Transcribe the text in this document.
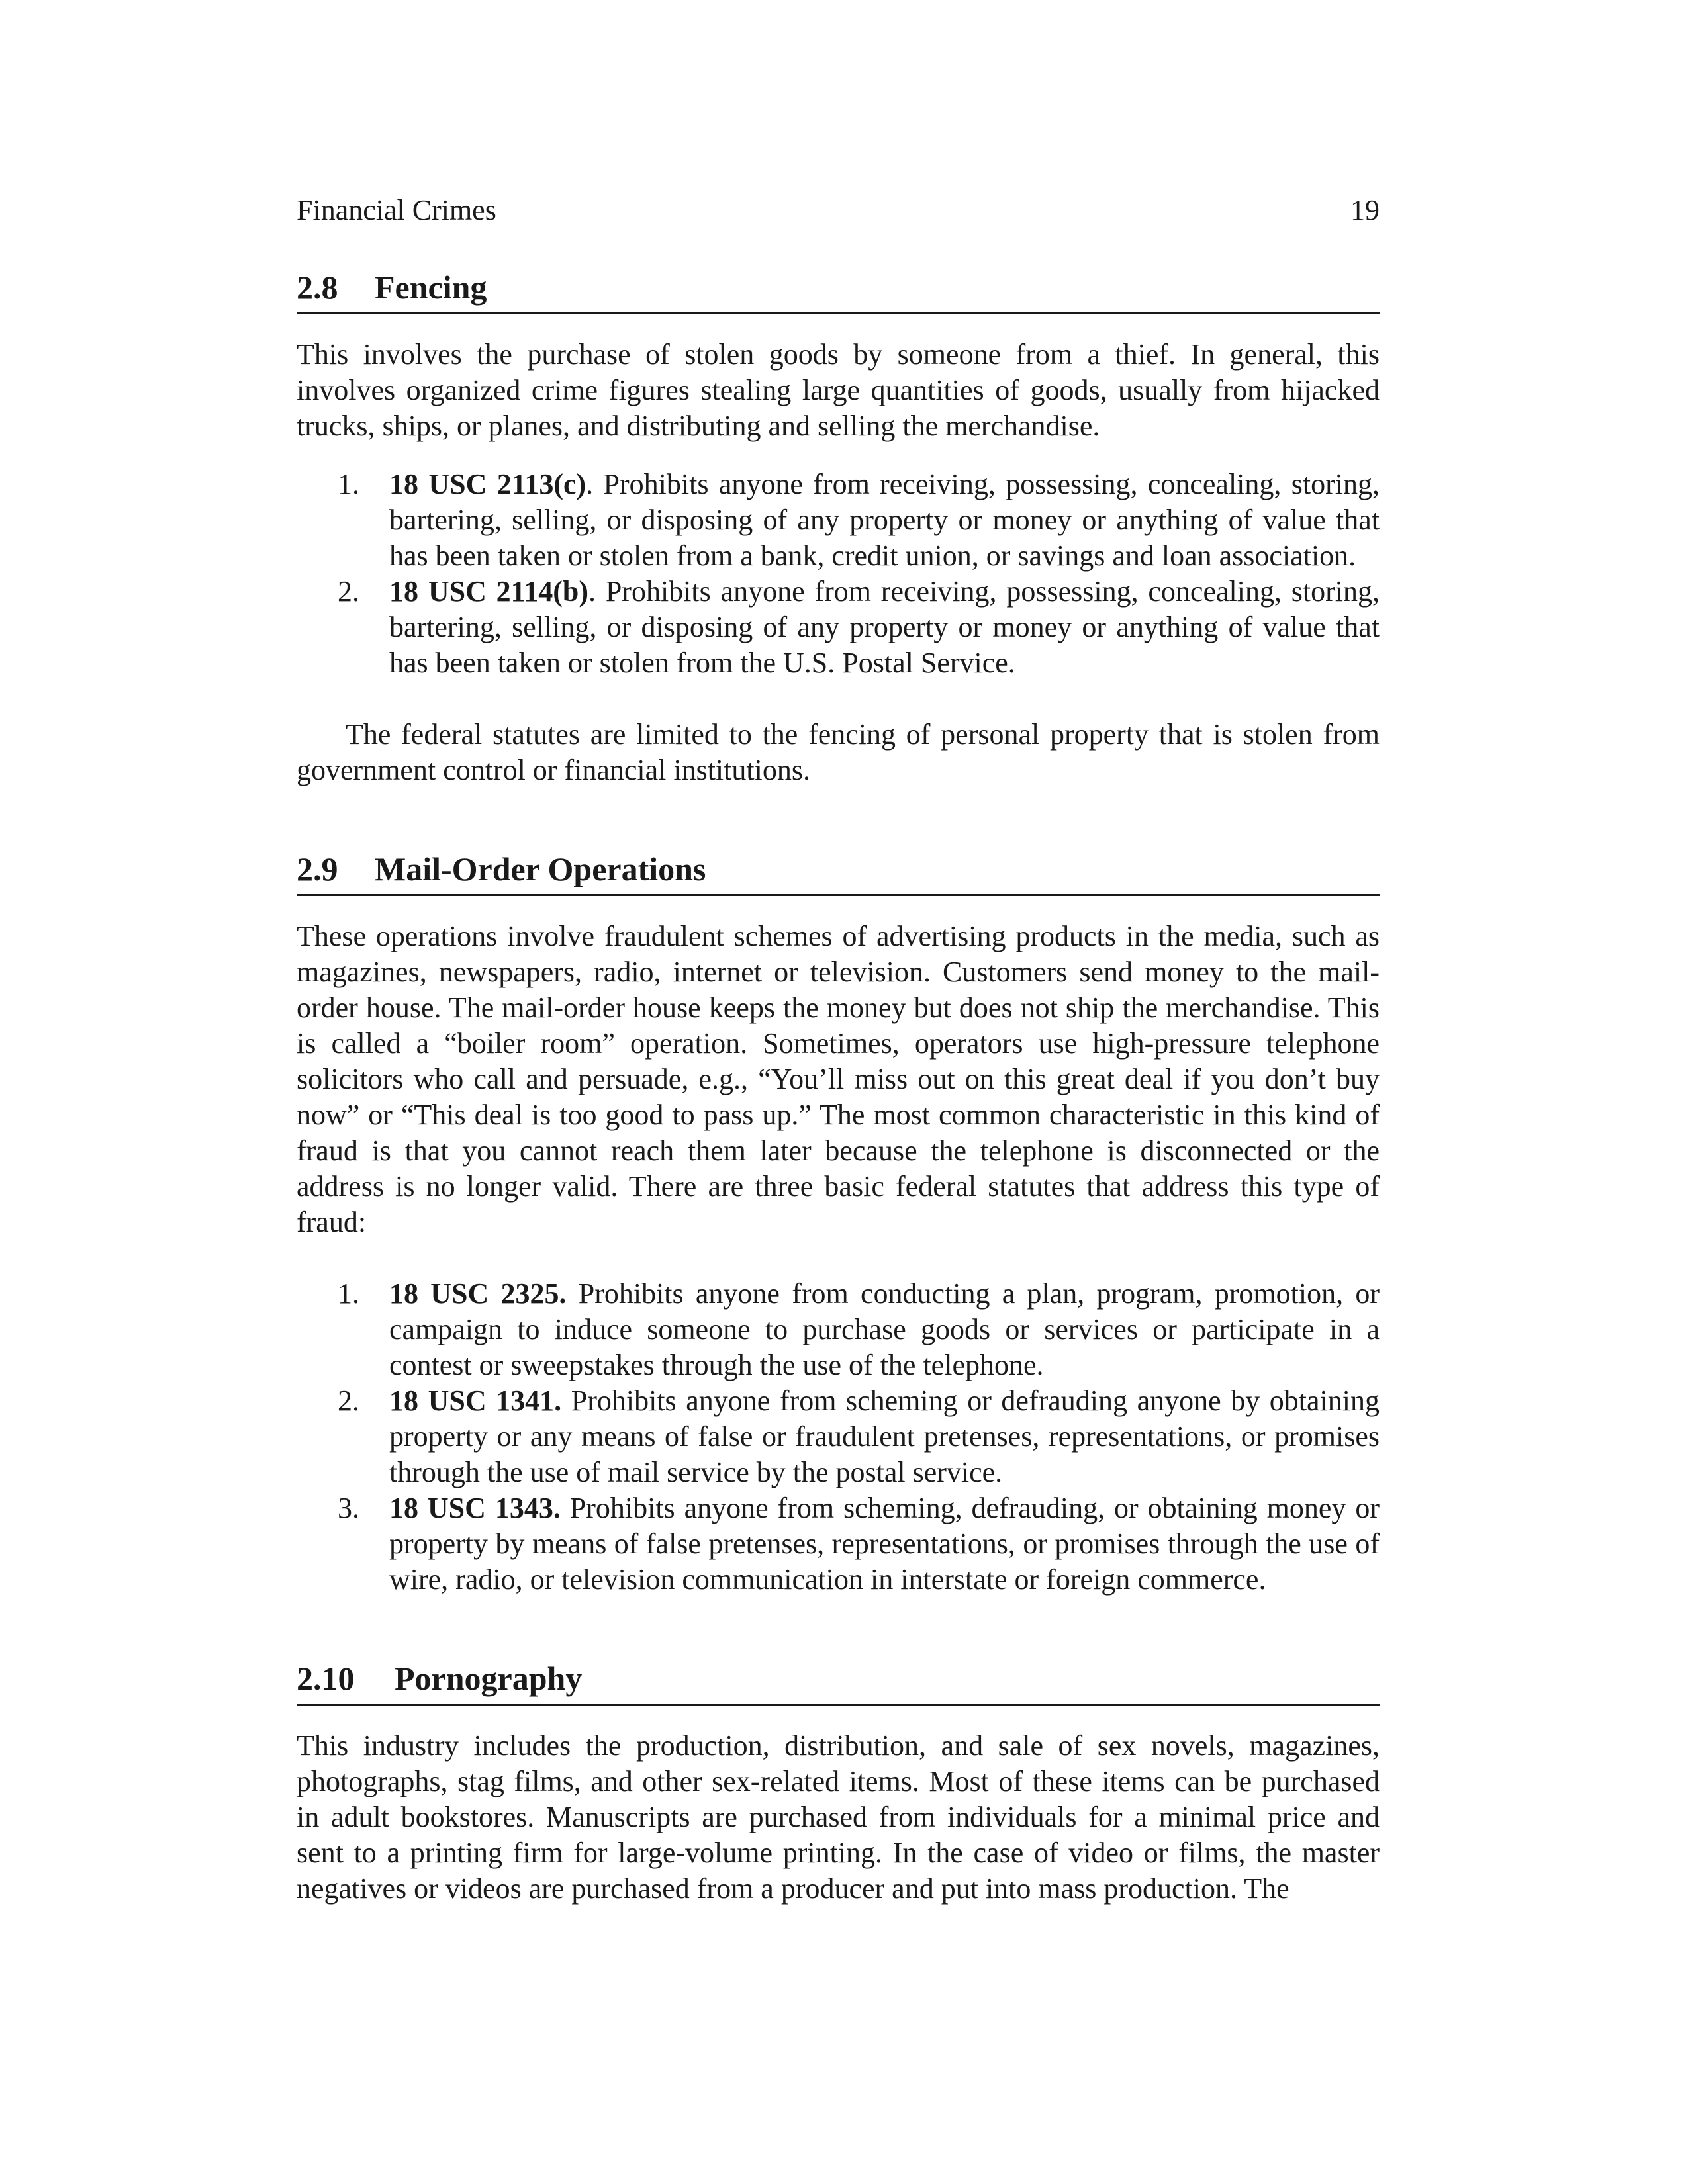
Financial Crimes	19
2.8	Fencing

This involves the purchase of stolen goods by someone from a thief. In general, this involves organized crime figures stealing large quantities of goods, usually from hijacked trucks, ships, or planes, and distributing and selling the merchandise.

1. 18 USC 2113(c). Prohibits anyone from receiving, possessing, concealing, storing, bartering, selling, or disposing of any property or money or anything of value that has been taken or stolen from a bank, credit union, or savings and loan association.
2. 18 USC 2114(b). Prohibits anyone from receiving, possessing, concealing, storing, bartering, selling, or disposing of any property or money or anything of value that has been taken or stolen from the U.S. Postal Service.

The federal statutes are limited to the fencing of personal property that is stolen from government control or financial institutions.

2.9	Mail-Order Operations

These operations involve fraudulent schemes of advertising products in the media, such as magazines, newspapers, radio, internet or television. Customers send money to the mail-order house. The mail-order house keeps the money but does not ship the merchandise. This is called a “boiler room” operation. Sometimes, operators use high-pressure telephone solicitors who call and persuade, e.g., “You’ll miss out on this great deal if you don’t buy now” or “This deal is too good to pass up.” The most common characteristic in this kind of fraud is that you cannot reach them later because the telephone is disconnected or the address is no longer valid. There are three basic federal statutes that address this type of fraud:

1. 18 USC 2325. Prohibits anyone from conducting a plan, program, promotion, or campaign to induce someone to purchase goods or services or participate in a contest or sweepstakes through the use of the telephone.
2. 18 USC 1341. Prohibits anyone from scheming or defrauding anyone by obtaining property or any means of false or fraudulent pretenses, representations, or promises through the use of mail service by the postal service.
3. 18 USC 1343. Prohibits anyone from scheming, defrauding, or obtaining money or property by means of false pretenses, representations, or promises through the use of wire, radio, or television communication in interstate or foreign commerce.
2.10	Pornography

This industry includes the production, distribution, and sale of sex novels, magazines, photographs, stag films, and other sex-related items. Most of these items can be purchased in adult bookstores. Manuscripts are purchased from individuals for a minimal price and sent to a printing firm for large-volume printing. In the case of video or films, the master negatives or videos are purchased from a producer and put into mass production. The
